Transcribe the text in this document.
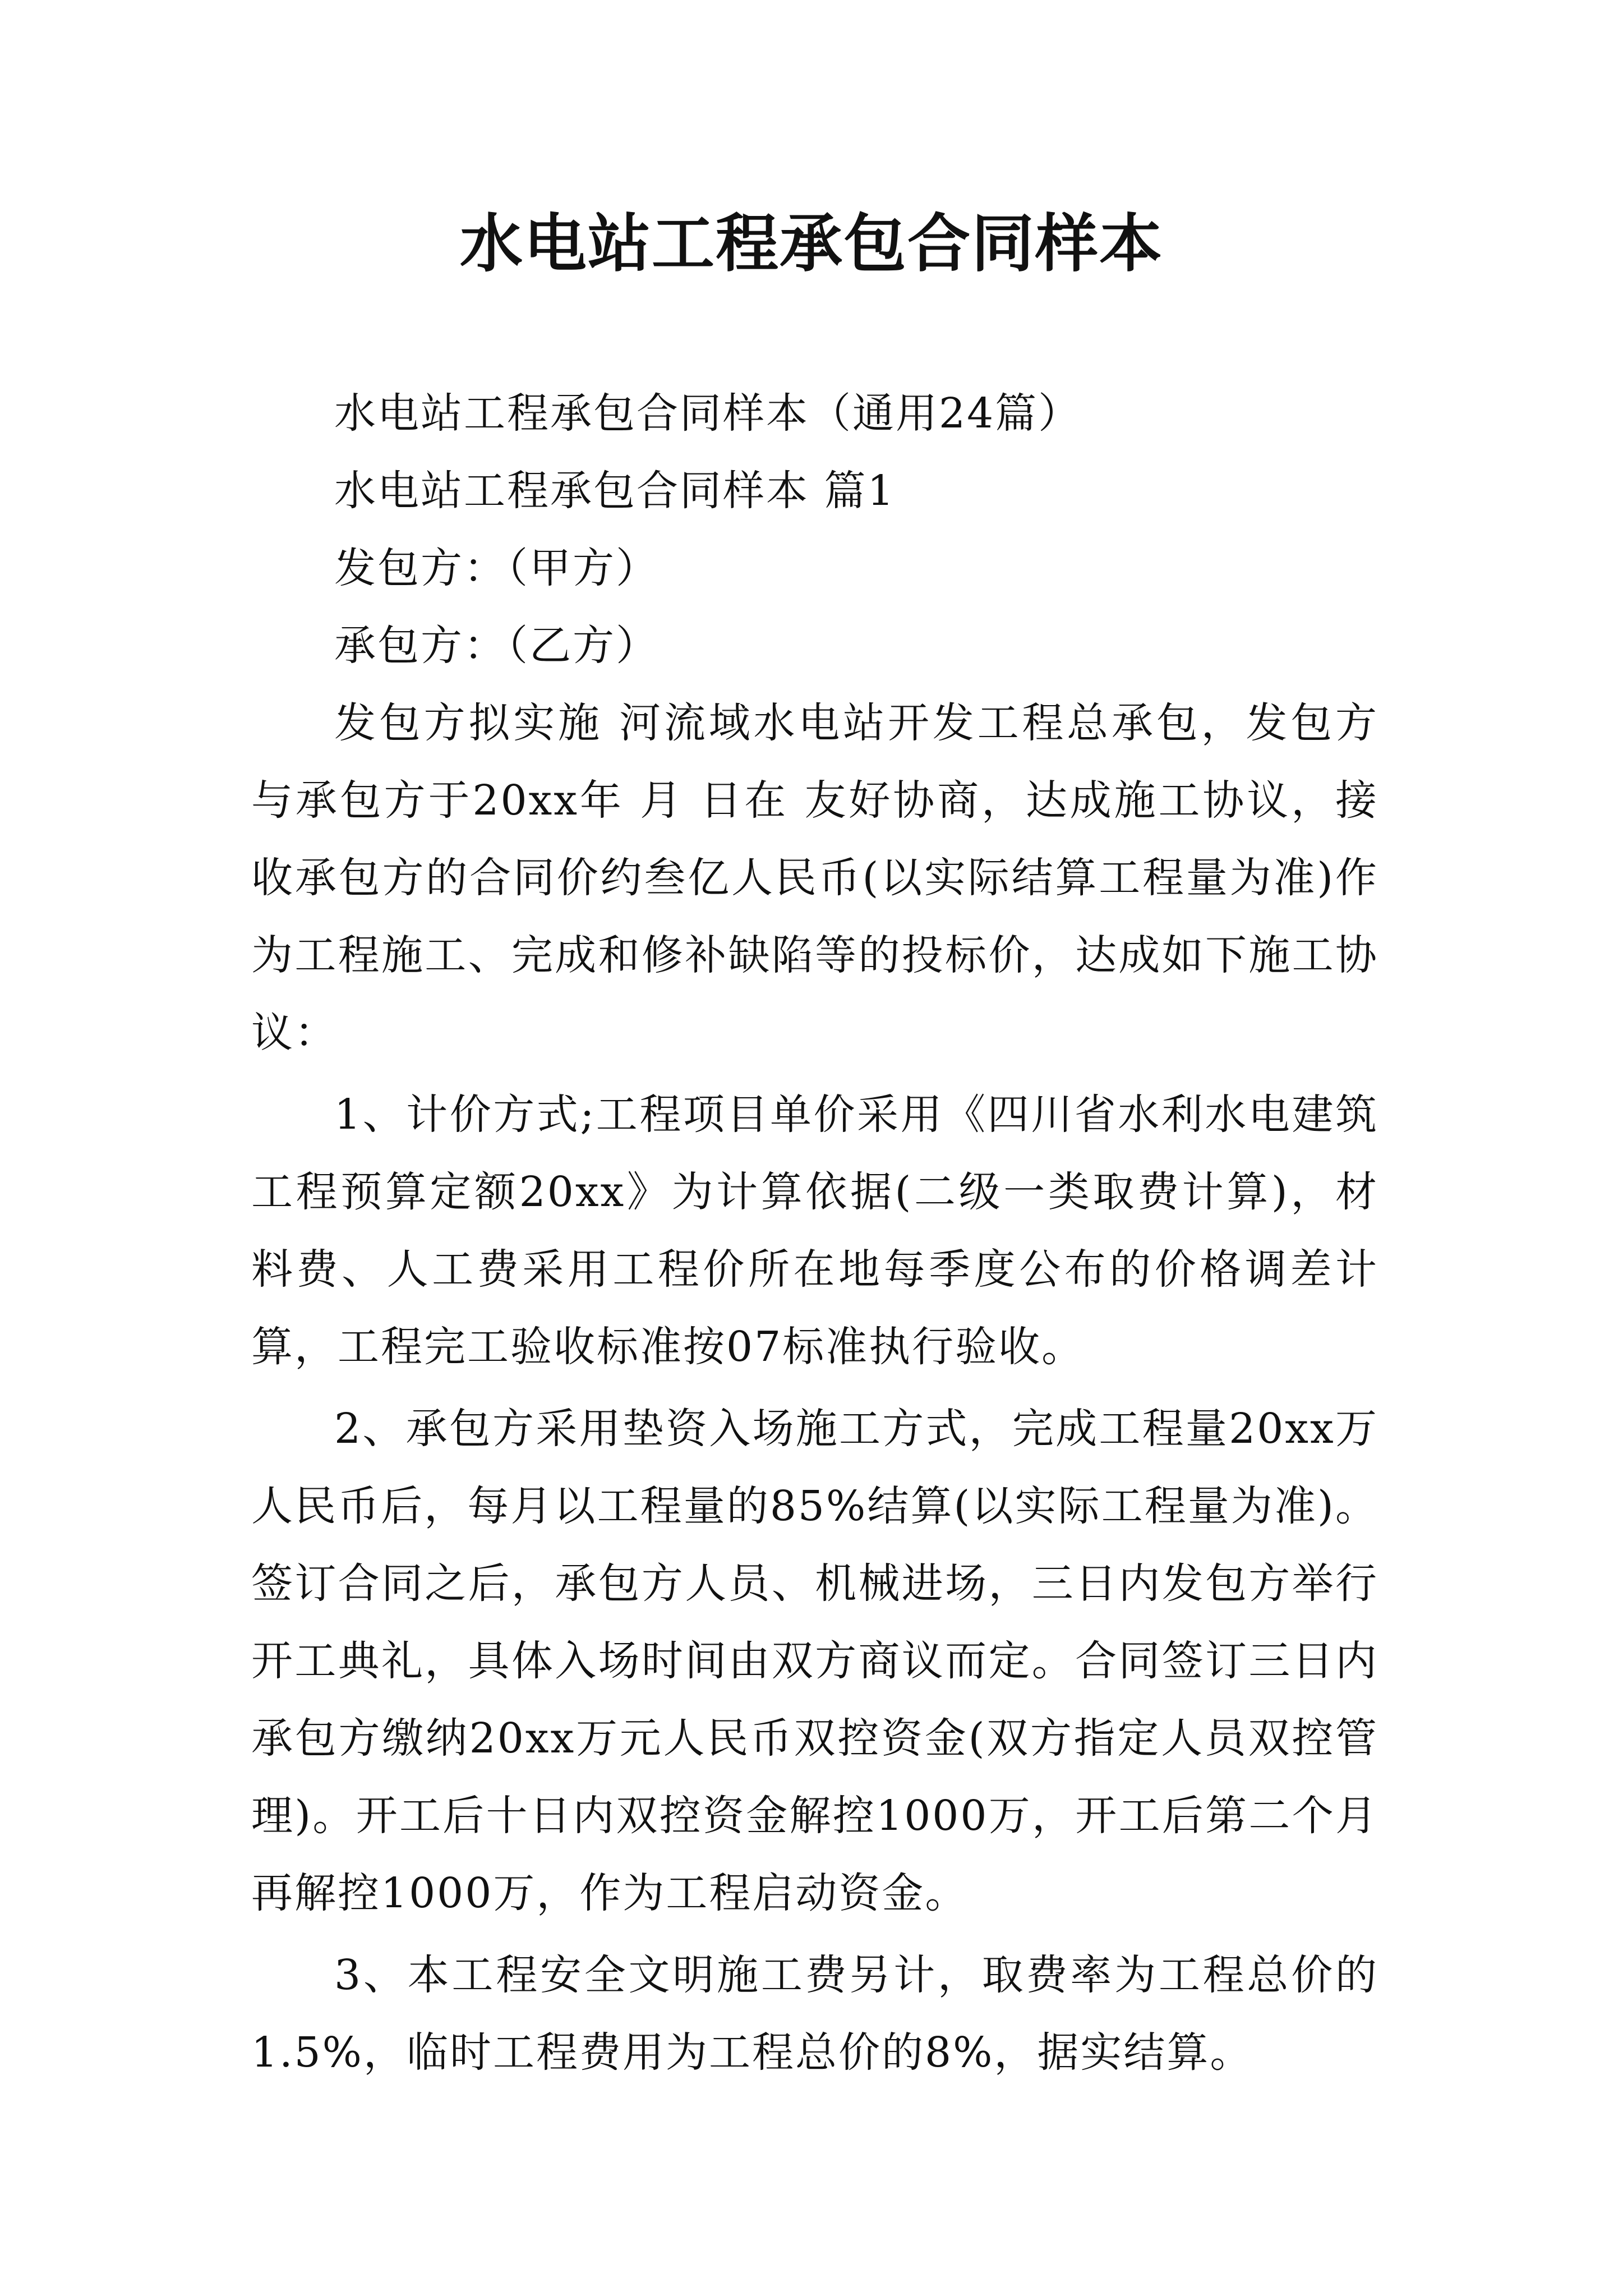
水电站工程承包合同样本

水电站工程承包合同样本（通用24篇）

水电站工程承包合同样本 篇1

发包方：（甲方）

承包方：（乙方）

发包方拟实施 河流域水电站开发工程总承包，发包方与承包方于20xx年 月 日在 友好协商，达成施工协议，接收承包方的合同价约叁亿人民币(以实际结算工程量为准)作为工程施工、完成和修补缺陷等的投标价，达成如下施工协议：

1、计价方式;工程项目单价采用《四川省水利水电建筑工程预算定额20xx》为计算依据(二级一类取费计算)，材料费、人工费采用工程价所在地每季度公布的价格调差计算，工程完工验收标准按07标准执行验收。

2、承包方采用垫资入场施工方式，完成工程量20xx万人民币后，每月以工程量的85%结算(以实际工程量为准)。签订合同之后，承包方人员、机械进场，三日内发包方举行开工典礼，具体入场时间由双方商议而定。合同签订三日内承包方缴纳20xx万元人民币双控资金(双方指定人员双控管理)。开工后十日内双控资金解控1000万，开工后第二个月再解控1000万，作为工程启动资金。

3、本工程安全文明施工费另计，取费率为工程总价的1.5%，临时工程费用为工程总价的8%，据实结算。
